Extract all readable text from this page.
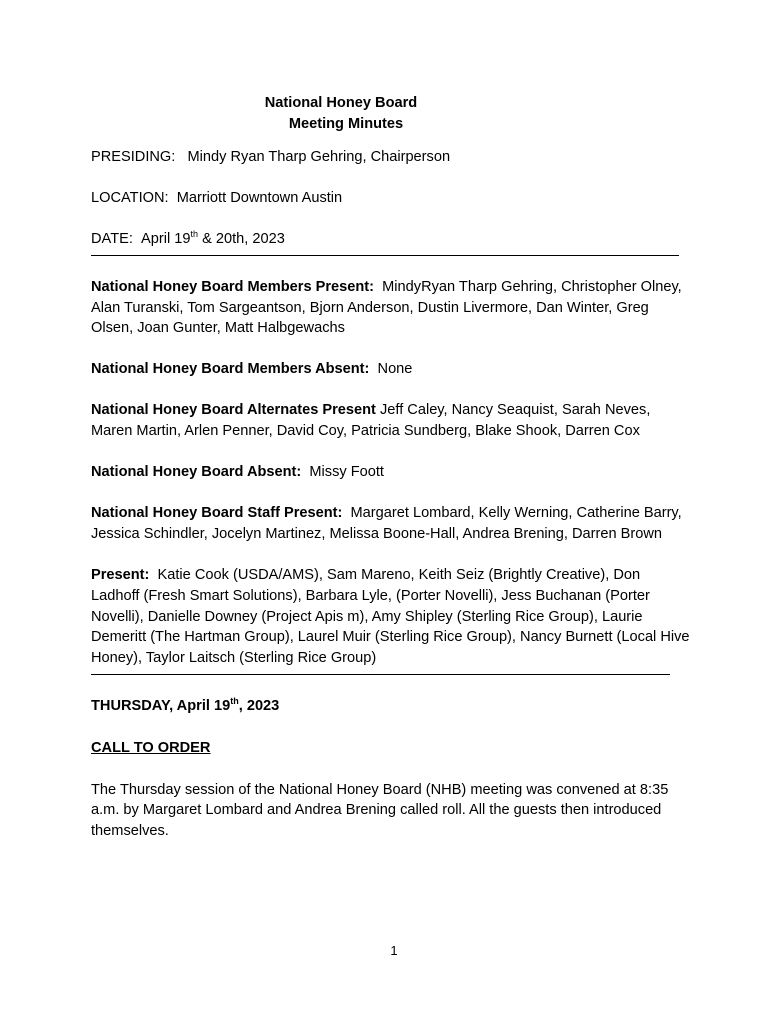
National Honey Board
Meeting Minutes
PRESIDING: Mindy Ryan Tharp Gehring, Chairperson
LOCATION: Marriott Downtown Austin
DATE: April 19th & 20th, 2023
National Honey Board Members Present: MindyRyan Tharp Gehring, Christopher Olney, Alan Turanski, Tom Sargeantson, Bjorn Anderson, Dustin Livermore, Dan Winter, Greg Olsen, Joan Gunter, Matt Halbgewachs
National Honey Board Members Absent: None
National Honey Board Alternates Present Jeff Caley, Nancy Seaquist, Sarah Neves, Maren Martin, Arlen Penner, David Coy, Patricia Sundberg, Blake Shook, Darren Cox
National Honey Board Absent: Missy Foott
National Honey Board Staff Present: Margaret Lombard, Kelly Werning, Catherine Barry, Jessica Schindler, Jocelyn Martinez, Melissa Boone-Hall, Andrea Brening, Darren Brown
Present: Katie Cook (USDA/AMS), Sam Mareno, Keith Seiz (Brightly Creative), Don Ladhoff (Fresh Smart Solutions), Barbara Lyle, (Porter Novelli), Jess Buchanan (Porter Novelli), Danielle Downey (Project Apis m), Amy Shipley (Sterling Rice Group), Laurie Demeritt (The Hartman Group), Laurel Muir (Sterling Rice Group), Nancy Burnett (Local Hive Honey), Taylor Laitsch (Sterling Rice Group)
THURSDAY, April 19th, 2023
CALL TO ORDER
The Thursday session of the National Honey Board (NHB) meeting was convened at 8:35 a.m. by Margaret Lombard and Andrea Brening called roll. All the guests then introduced themselves.
1
